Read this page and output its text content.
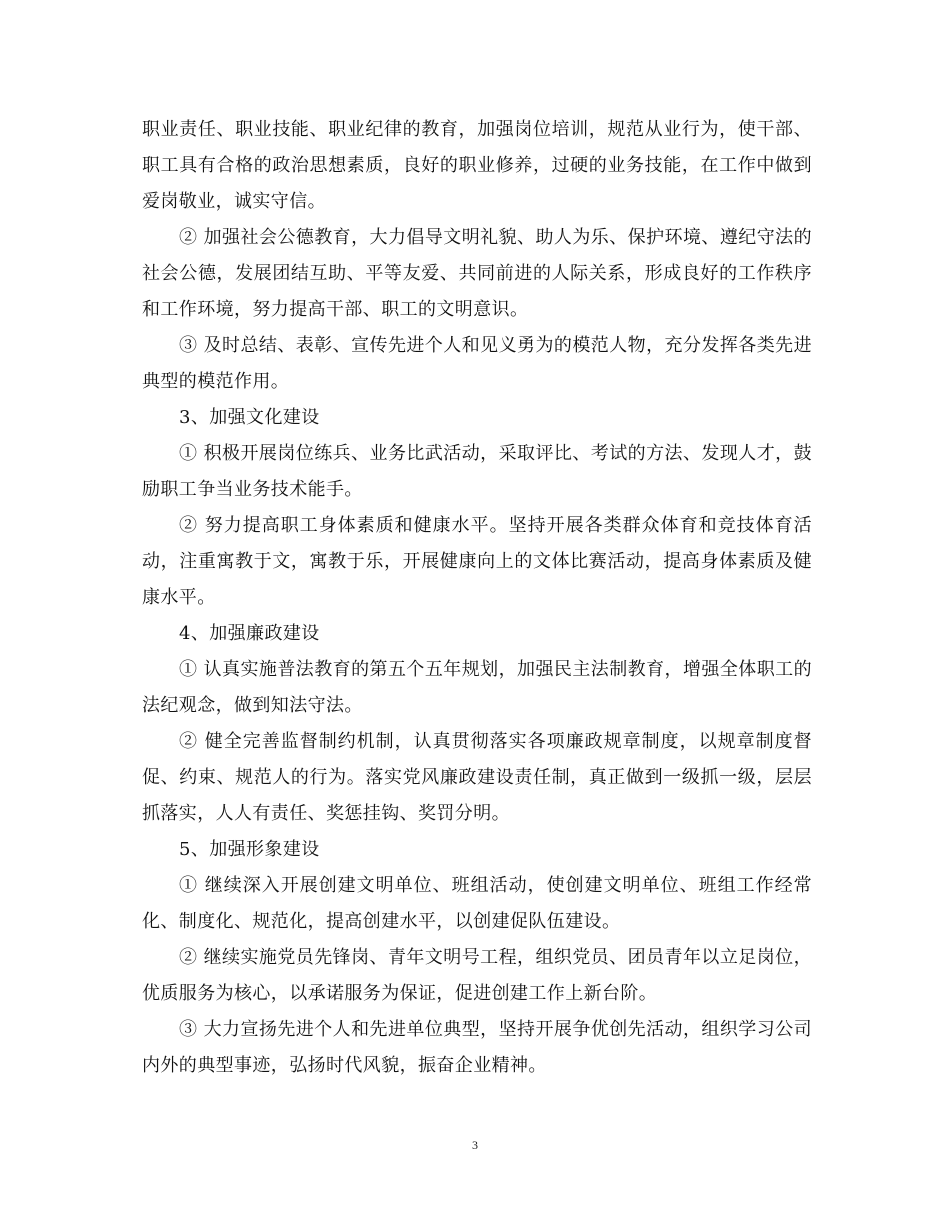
职业责任、职业技能、职业纪律的教育，加强岗位培训，规范从业行为，使干部、职工具有合格的政治思想素质，良好的职业修养，过硬的业务技能，在工作中做到爱岗敬业，诚实守信。

② 加强社会公德教育，大力倡导文明礼貌、助人为乐、保护环境、遵纪守法的社会公德，发展团结互助、平等友爱、共同前进的人际关系，形成良好的工作秩序和工作环境，努力提高干部、职工的文明意识。

③ 及时总结、表彰、宣传先进个人和见义勇为的模范人物，充分发挥各类先进典型的模范作用。

3、加强文化建设

① 积极开展岗位练兵、业务比武活动，采取评比、考试的方法、发现人才，鼓励职工争当业务技术能手。

② 努力提高职工身体素质和健康水平。坚持开展各类群众体育和竞技体育活动，注重寓教于文，寓教于乐，开展健康向上的文体比赛活动，提高身体素质及健康水平。

4、加强廉政建设

① 认真实施普法教育的第五个五年规划，加强民主法制教育，增强全体职工的法纪观念，做到知法守法。

② 健全完善监督制约机制，认真贯彻落实各项廉政规章制度，以规章制度督促、约束、规范人的行为。落实党风廉政建设责任制，真正做到一级抓一级，层层抓落实，人人有责任、奖惩挂钩、奖罚分明。

5、加强形象建设

① 继续深入开展创建文明单位、班组活动，使创建文明单位、班组工作经常化、制度化、规范化，提高创建水平，以创建促队伍建设。

② 继续实施党员先锋岗、青年文明号工程，组织党员、团员青年以立足岗位，优质服务为核心，以承诺服务为保证，促进创建工作上新台阶。

③ 大力宣扬先进个人和先进单位典型，坚持开展争优创先活动，组织学习公司内外的典型事迹，弘扬时代风貌，振奋企业精神。

3
